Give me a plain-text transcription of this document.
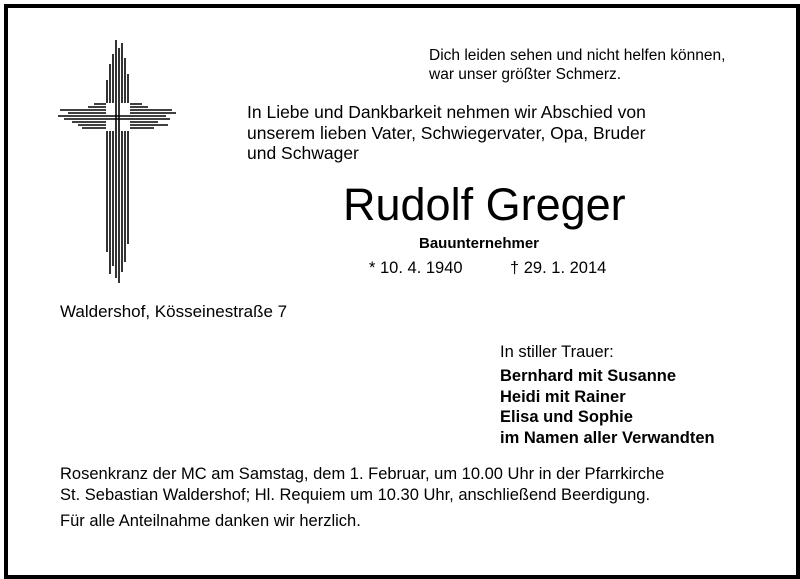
Dich leiden sehen und nicht helfen können,
war unser größter Schmerz.
In Liebe und Dankbarkeit nehmen wir Abschied von
unserem lieben Vater, Schwiegervater, Opa, Bruder
und Schwager
Rudolf Greger
Bauunternehmer
* 10. 4. 1940	† 29. 1. 2014
Waldershof, Kösseinestraße 7
In stiller Trauer:
Bernhard mit Susanne
Heidi mit Rainer
Elisa und Sophie
im Namen aller Verwandten
Rosenkranz der MC am Samstag, dem 1. Februar, um 10.00 Uhr in der Pfarrkirche
St. Sebastian Waldershof; Hl. Requiem um 10.30 Uhr, anschließend Beerdigung.
Für alle Anteilnahme danken wir herzlich.
